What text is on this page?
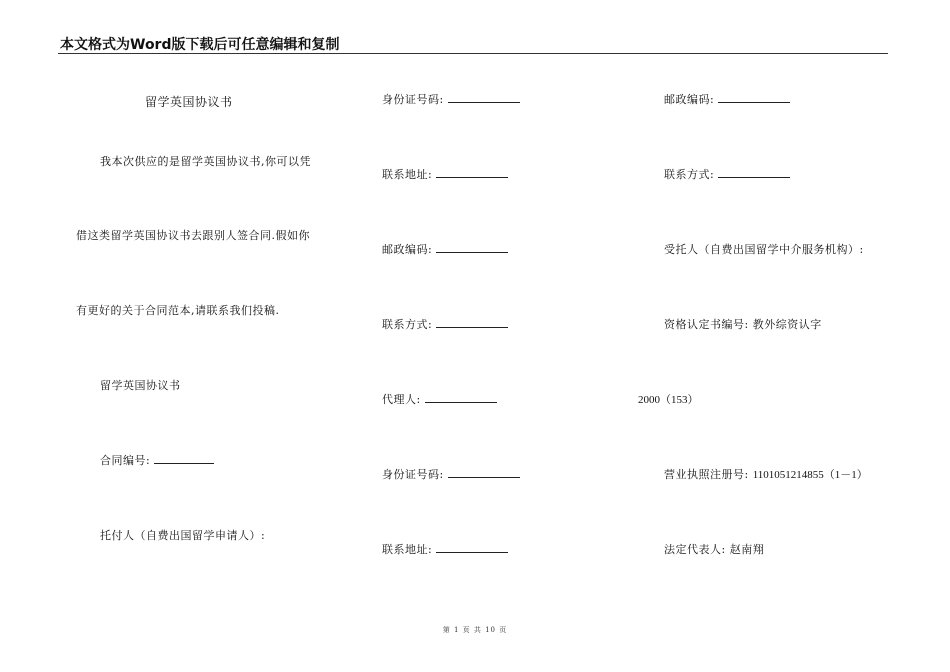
本文格式为Word版下载后可任意编辑和复制
留学英国协议书
我本次供应的是留学英国协议书,你可以凭
借这类留学英国协议书去跟别人签合同.假如你
有更好的关于合同范本,请联系我们投稿.
留学英国协议书
合同编号:
托付人（自费出国留学申请人）:
身份证号码:
联系地址:
邮政编码:
联系方式:
代理人:
身份证号码:
联系地址:
邮政编码:
联系方式:
受托人（自费出国留学中介服务机构）:
资格认定书编号: 教外综资认字
2000（153）
营业执照注册号: 1101051214855（1－1）
法定代表人: 赵南翔
第 1 页 共 10 页
